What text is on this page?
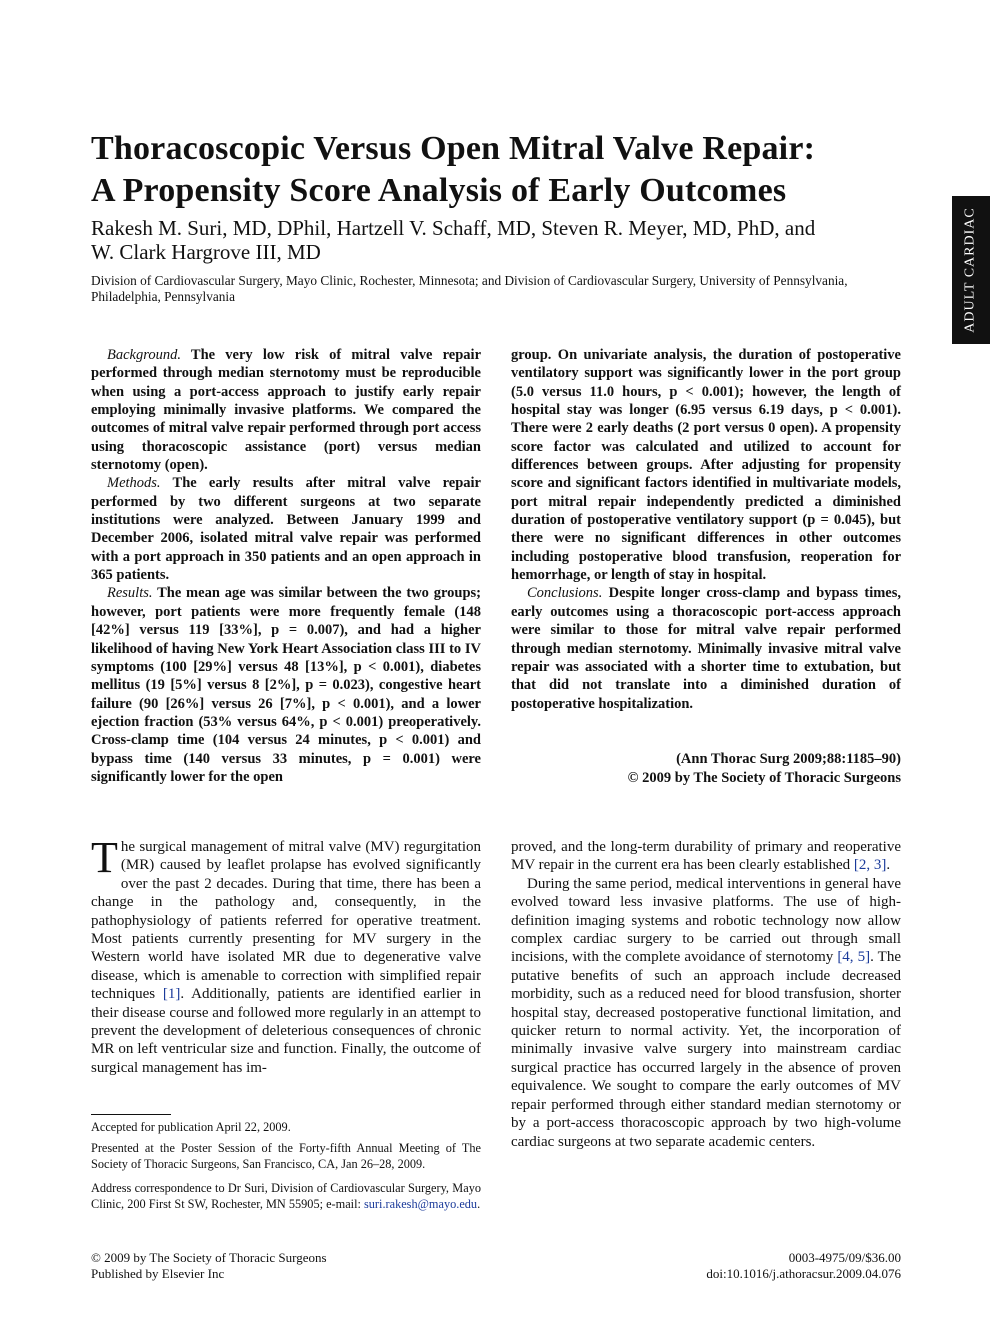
ADULT CARDIAC
Thoracoscopic Versus Open Mitral Valve Repair:
A Propensity Score Analysis of Early Outcomes
Rakesh M. Suri, MD, DPhil, Hartzell V. Schaff, MD, Steven R. Meyer, MD, PhD, and
W. Clark Hargrove III, MD
Division of Cardiovascular Surgery, Mayo Clinic, Rochester, Minnesota; and Division of Cardiovascular Surgery, University of Pennsylvania, Philadelphia, Pennsylvania

Background. The very low risk of mitral valve repair performed through median sternotomy must be reproducible when using a port-access approach to justify early repair employing minimally invasive platforms. We compared the outcomes of mitral valve repair performed through port access using thoracoscopic assistance (port) versus median sternotomy (open).

Methods. The early results after mitral valve repair performed by two different surgeons at two separate institutions were analyzed. Between January 1999 and December 2006, isolated mitral valve repair was performed with a port approach in 350 patients and an open approach in 365 patients.

Results. The mean age was similar between the two groups; however, port patients were more frequently female (148 [42%] versus 119 [33%], p = 0.007), and had a higher likelihood of having New York Heart Association class III to IV symptoms (100 [29%] versus 48 [13%], p < 0.001), diabetes mellitus (19 [5%] versus 8 [2%], p = 0.023), congestive heart failure (90 [26%] versus 26 [7%], p < 0.001), and a lower ejection fraction (53% versus 64%, p < 0.001) preoperatively. Cross-clamp time (104 versus 24 minutes, p < 0.001) and bypass time (140 versus 33 minutes, p = 0.001) were significantly lower for the open

group. On univariate analysis, the duration of postoperative ventilatory support was significantly lower in the port group (5.0 versus 11.0 hours, p < 0.001); however, the length of hospital stay was longer (6.95 versus 6.19 days, p < 0.001). There were 2 early deaths (2 port versus 0 open). A propensity score factor was calculated and utilized to account for differences between groups. After adjusting for propensity score and significant factors identified in multivariate models, port mitral repair independently predicted a diminished duration of postoperative ventilatory support (p = 0.045), but there were no significant differences in other outcomes including postoperative blood transfusion, reoperation for hemorrhage, or length of stay in hospital.

Conclusions. Despite longer cross-clamp and bypass times, early outcomes using a thoracoscopic port-access approach were similar to those for mitral valve repair performed through median sternotomy. Minimally invasive mitral valve repair was associated with a shorter time to extubation, but that did not translate into a diminished duration of postoperative hospitalization.

(Ann Thorac Surg 2009;88:1185–90)
© 2009 by The Society of Thoracic Surgeons

The surgical management of mitral valve (MV) regurgitation (MR) caused by leaflet prolapse has evolved significantly over the past 2 decades. During that time, there has been a change in the pathology and, consequently, in the pathophysiology of patients referred for operative treatment. Most patients currently presenting for MV surgery in the Western world have isolated MR due to degenerative valve disease, which is amenable to correction with simplified repair techniques [1]. Additionally, patients are identified earlier in their disease course and followed more regularly in an attempt to prevent the development of deleterious consequences of chronic MR on left ventricular size and function. Finally, the outcome of surgical management has im-

proved, and the long-term durability of primary and reoperative MV repair in the current era has been clearly established [2, 3].

During the same period, medical interventions in general have evolved toward less invasive platforms. The use of high-definition imaging systems and robotic technology now allow complex cardiac surgery to be carried out through small incisions, with the complete avoidance of sternotomy [4, 5]. The putative benefits of such an approach include decreased morbidity, such as a reduced need for blood transfusion, shorter hospital stay, decreased postoperative functional limitation, and quicker return to normal activity. Yet, the incorporation of minimally invasive valve surgery into mainstream cardiac surgical practice has occurred largely in the absence of proven equivalence. We sought to compare the early outcomes of MV repair performed through either standard median sternotomy or by a port-access thoracoscopic approach by two high-volume cardiac surgeons at two separate academic centers.

Accepted for publication April 22, 2009.
Presented at the Poster Session of the Forty-fifth Annual Meeting of The Society of Thoracic Surgeons, San Francisco, CA, Jan 26–28, 2009.
Address correspondence to Dr Suri, Division of Cardiovascular Surgery, Mayo Clinic, 200 First St SW, Rochester, MN 55905; e-mail: suri.rakesh@mayo.edu.
© 2009 by The Society of Thoracic Surgeons
Published by Elsevier Inc
0003-4975/09/$36.00
doi:10.1016/j.athoracsur.2009.04.076
